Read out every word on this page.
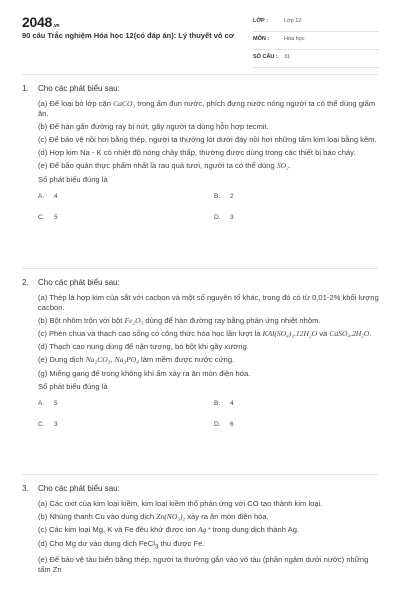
2048.vn
90 câu Trắc nghiệm Hóa học 12(có đáp án): Lý thuyết vô cơ
LỚP :	Lớp 12
MÔN :	Hóa học
SỐ CÂU : 31
1. Cho các phát biểu sau:
(a) Để loại bỏ lớp cặn CaCO₃ trong ấm đun nước, phích đựng nước nóng người ta có thể dùng giấm ăn.
(b) Để hàn gắn đường ray bị nứt, gãy người ta dùng hỗn hợp tecmit.
(c) Để bảo vệ nồi hơi bằng thép, người ta thường lót dưới đáy nồi hơi những tấm kim loại bằng kẽm.
(d) Hợp kim Na - K có nhiệt độ nóng chảy thấp, thường được dùng trong các thiết bị báo cháy.
(e) Để bảo quản thực phẩm nhất là rau quả tươi, người ta có thể dùng SO₂.
Số phát biểu đúng là
A. 4	B. 2
C. 5	D. 3
2. Cho các phát biểu sau:
(a) Thép là hợp kim của sắt với cacbon và một số nguyên tố khác, trong đó có từ 0,01-2% khối lượng cacbon.
(b) Bột nhôm trộn với bột Fe₂O₃ dùng để hàn đường ray bằng phản ứng nhiệt nhôm.
(c) Phèn chua và thạch cao sống có công thức hóa học lần lượt là KAl(SO₄)₂.12H₂O và CaSO₄.2H₂O.
(d) Thạch cao nung dùng để nặn tượng, bó bột khi gãy xương.
(e) Dung dịch Na₂CO₃, Na₃PO₄ làm mềm được nước cứng.
(g) Miếng gang để trong không khí ẩm xảy ra ăn mòn điện hóa.
Số phát biểu đúng là
A. 5	B. 4
C. 3	D. 6
3. Cho các phát biểu sau:
(a) Các oxit của kim loại kiềm, kim loại kiềm thổ phản ứng với CO tạo thành kim loại.
(b) Nhúng thanh Cu vào dung dịch Zn(NO₃)₂ xảy ra ăn mòn điện hóa.
(c) Các kim loại Mg, K và Fe đều khử được ion Ag⁺ trong dung dịch thành Ag.
(d) Cho Mg dư vào dung dịch FeCl$_3$ thu được Fe.
(e) Để bảo vệ tàu biển bằng thép, người ta thường gắn vào vỏ tàu (phần ngâm dưới nước) những tấm Zn
